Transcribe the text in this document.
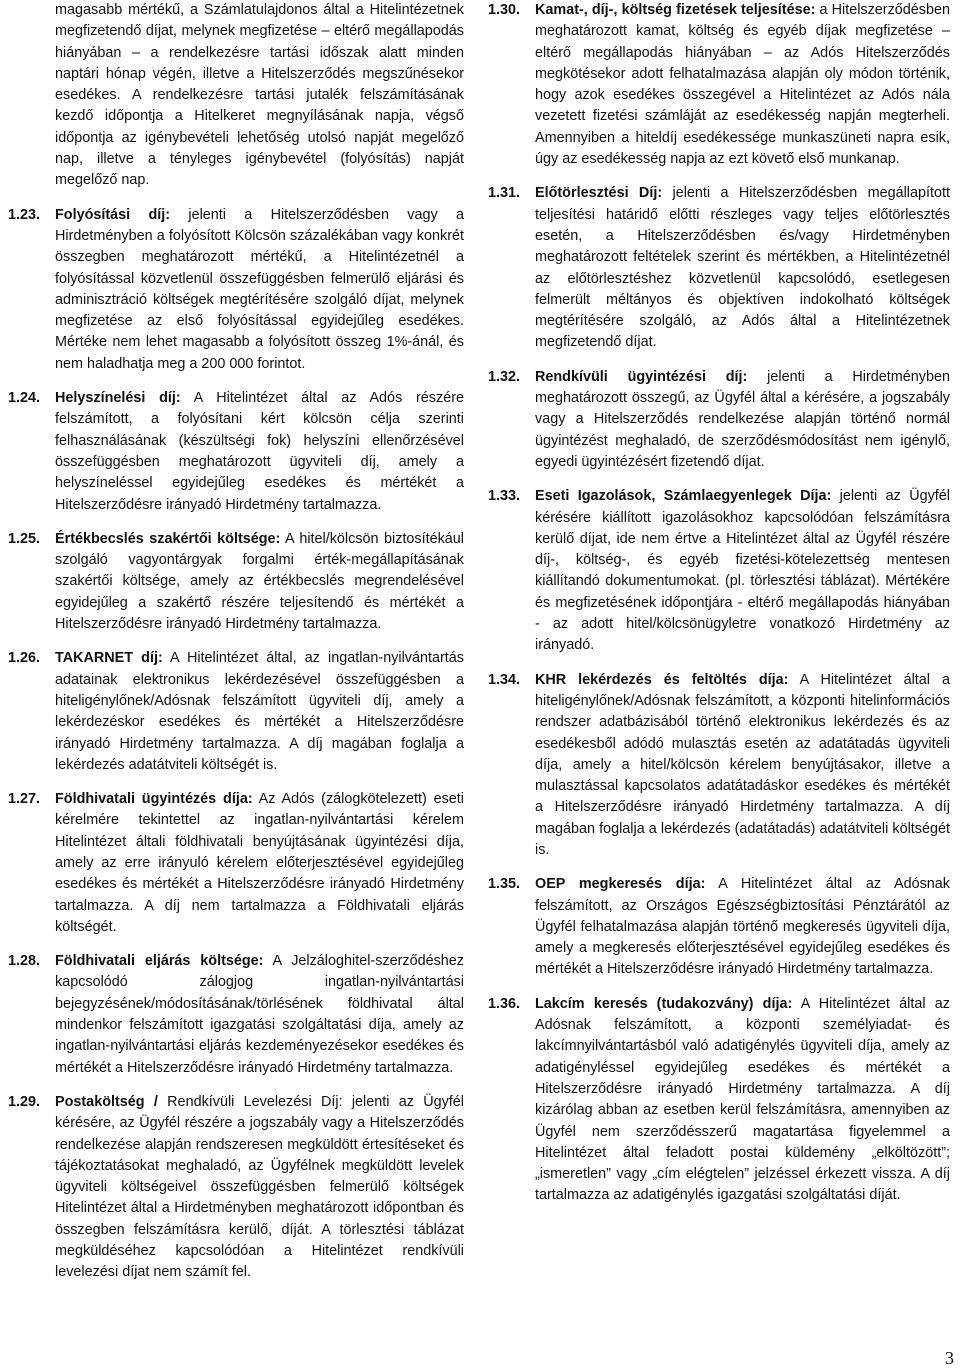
magasabb mértékű, a Számlatulajdonos által a Hitelintézetnek megfizetendő díjat, melynek megfizetése – eltérő megállapodás hiányában – a rendelkezésre tartási időszak alatt minden naptári hónap végén, illetve a Hitelszerződés megszűnésekor esedékes. A rendelkezésre tartási jutalék felszámításának kezdő időpontja a Hitelkeret megnyílásának napja, végső időpontja az igénybevételi lehetőség utolsó napját megelőző nap, illetve a tényleges igénybevétel (folyósítás) napját megelőző nap.

1.23.	Folyósítási díj: jelenti a Hitelszerződésben vagy a Hirdetményben a folyósított Kölcsön százalékában vagy konkrét összegben meghatározott mértékű, a Hitelintézetnél a folyósítással közvetlenül összefüggésben felmerülő eljárási és adminisztráció költségek megtérítésére szolgáló díjat, melynek megfizetése az első folyósítással egyidejűleg esedékes. Mértéke nem lehet magasabb a folyósított összeg 1%-ánál, és nem haladhatja meg a 200 000 forintot.

1.24.	Helyszínelési díj: A Hitelintézet által az Adós részére felszámított, a folyósítani kért kölcsön célja szerinti felhasználásának (készültségi fok) helyszíni ellenőrzésével összefüggésben meghatározott ügyviteli díj, amely a helyszíneléssel egyidejűleg esedékes és mértékét a Hitelszerződésre irányadó Hirdetmény tartalmazza.

1.25.	Értékbecslés szakértői költsége: A hitel/kölcsön biztosítékául szolgáló vagyontárgyak forgalmi érték-megállapításának szakértői költsége, amely az értékbecslés megrendelésével egyidejűleg a szakértő részére teljesítendő és mértékét a Hitelszerződésre irányadó Hirdetmény tartalmazza.

1.26.	TAKARNET díj: A Hitelintézet által, az ingatlan-nyilvántartás adatainak elektronikus lekérdezésével összefüggésben a hiteligénylőnek/Adósnak felszámított ügyviteli díj, amely a lekérdezéskor esedékes és mértékét a Hitelszerződésre irányadó Hirdetmény tartalmazza. A díj magában foglalja a lekérdezés adatátviteli költségét is.

1.27.	Földhivatali ügyintézés díja: Az Adós (zálogkötelezett) eseti kérelmére tekintettel az ingatlan-nyilvántartási kérelem Hitelintézet általi földhivatali benyújtásának ügyintézési díja, amely az erre irányuló kérelem előterjesztésével egyidejűleg esedékes és mértékét a Hitelszerződésre irányadó Hirdetmény tartalmazza. A díj nem tartalmazza a Földhivatali eljárás költségét.

1.28.	Földhivatali eljárás költsége: A Jelzáloghitel-szerződéshez kapcsolódó zálogjog ingatlan-nyilvántartási bejegyzésének/módosításának/törlésének földhivatal által mindenkor felszámított igazgatási szolgáltatási díja, amely az ingatlan-nyilvántartási eljárás kezdeményezésekor esedékes és mértékét a Hitelszerződésre irányadó Hirdetmény tartalmazza.

1.29.	Postaköltség / Rendkívüli Levelezési Díj: jelenti az Ügyfél kérésére, az Ügyfél részére a jogszabály vagy a Hitelszerződés rendelkezése alapján rendszeresen megküldött értesítéseket és tájékoztatásokat meghaladó, az Ügyfélnek megküldött levelek ügyviteli költségeivel összefüggésben felmerülő költségek Hitelintézet által a Hirdetményben meghatározott időpontban és összegben felszámításra kerülő, díját. A törlesztési táblázat megküldéséhez kapcsolódóan a Hitelintézet rendkívüli levelezési díjat nem számít fel.

1.30.	Kamat-, díj-, költség fizetések teljesítése: a Hitelszerződésben meghatározott kamat, költség és egyéb díjak megfizetése – eltérő megállapodás hiányában – az Adós Hitelszerződés megkötésekor adott felhatalmazása alapján oly módon történik, hogy azok esedékes összegével a Hitelintézet az Adós nála vezetett fizetési számláját az esedékesség napján megterheli. Amennyiben a hiteldíj esedékessége munkaszüneti napra esik, úgy az esedékesség napja az ezt követő első munkanap.

1.31.	Előtörlesztési Díj: jelenti a Hitelszerződésben megállapított teljesítési határidő előtti részleges vagy teljes előtörlesztés esetén, a Hitelszerződésben és/vagy Hirdetményben meghatározott feltételek szerint és mértékben, a Hitelintézetnél az előtörlesztéshez közvetlenül kapcsolódó, esetlegesen felmerült méltányos és objektíven indokolható költségek megtérítésére szolgáló, az Adós által a Hitelintézetnek megfizetendő díjat.

1.32.	Rendkívüli ügyintézési díj: jelenti a Hirdetményben meghatározott összegű, az Ügyfél által a kérésére, a jogszabály vagy a Hitelszerződés rendelkezése alapján történő normál ügyintézést meghaladó, de szerződésmódosítást nem igénylő, egyedi ügyintézésért fizetendő díjat.

1.33.	Eseti Igazolások, Számlaegyenlegek Díja: jelenti az Ügyfél kérésére kiállított igazolásokhoz kapcsolódóan felszámításra kerülő díjat, ide nem értve a Hitelintézet által az Ügyfél részére díj-, költség-, és egyéb fizetési-kötelezettség mentesen kiállítandó dokumentumokat. (pl. törlesztési táblázat). Mértékére és megfizetésének időpontjára - eltérő megállapodás hiányában - az adott hitel/kölcsönügyletre vonatkozó Hirdetmény az irányadó.

1.34.	KHR lekérdezés és feltöltés díja: A Hitelintézet által a hiteligénylőnek/Adósnak felszámított, a központi hitelinformációs rendszer adatbázisából történő elektronikus lekérdezés és az esedékesből adódó mulasztás esetén az adatátadás ügyviteli díja, amely a hitel/kölcsön kérelem benyújtásakor, illetve a mulasztással kapcsolatos adatátadáskor esedékes és mértékét a Hitelszerződésre irányadó Hirdetmény tartalmazza. A díj magában foglalja a lekérdezés (adatátadás) adatátviteli költségét is.

1.35.	OEP megkeresés díja: A Hitelintézet által az Adósnak felszámított, az Országos Egészségbiztosítási Pénztárától az Ügyfél felhatalmazása alapján történő megkeresés ügyviteli díja, amely a megkeresés előterjesztésével egyidejűleg esedékes és mértékét a Hitelszerződésre irányadó Hirdetmény tartalmazza.

1.36.	Lakcím keresés (tudakozvány) díja: A Hitelintézet által az Adósnak felszámított, a központi személyiadat- és lakcímnyilvántartásból való adatigénylés ügyviteli díja, amely az adatigényléssel egyidejűleg esedékes és mértékét a Hitelszerződésre irányadó Hirdetmény tartalmazza. A díj kizárólag abban az esetben kerül felszámításra, amennyiben az Ügyfél nem szerződésszerű magatartása figyelemmel a Hitelintézet által feladott postai küldemény „elköltözött”; „ismeretlen” vagy „cím elégtelen” jelzéssel érkezett vissza. A díj tartalmazza az adatigénylés igazgatási szolgáltatási díját.

3
